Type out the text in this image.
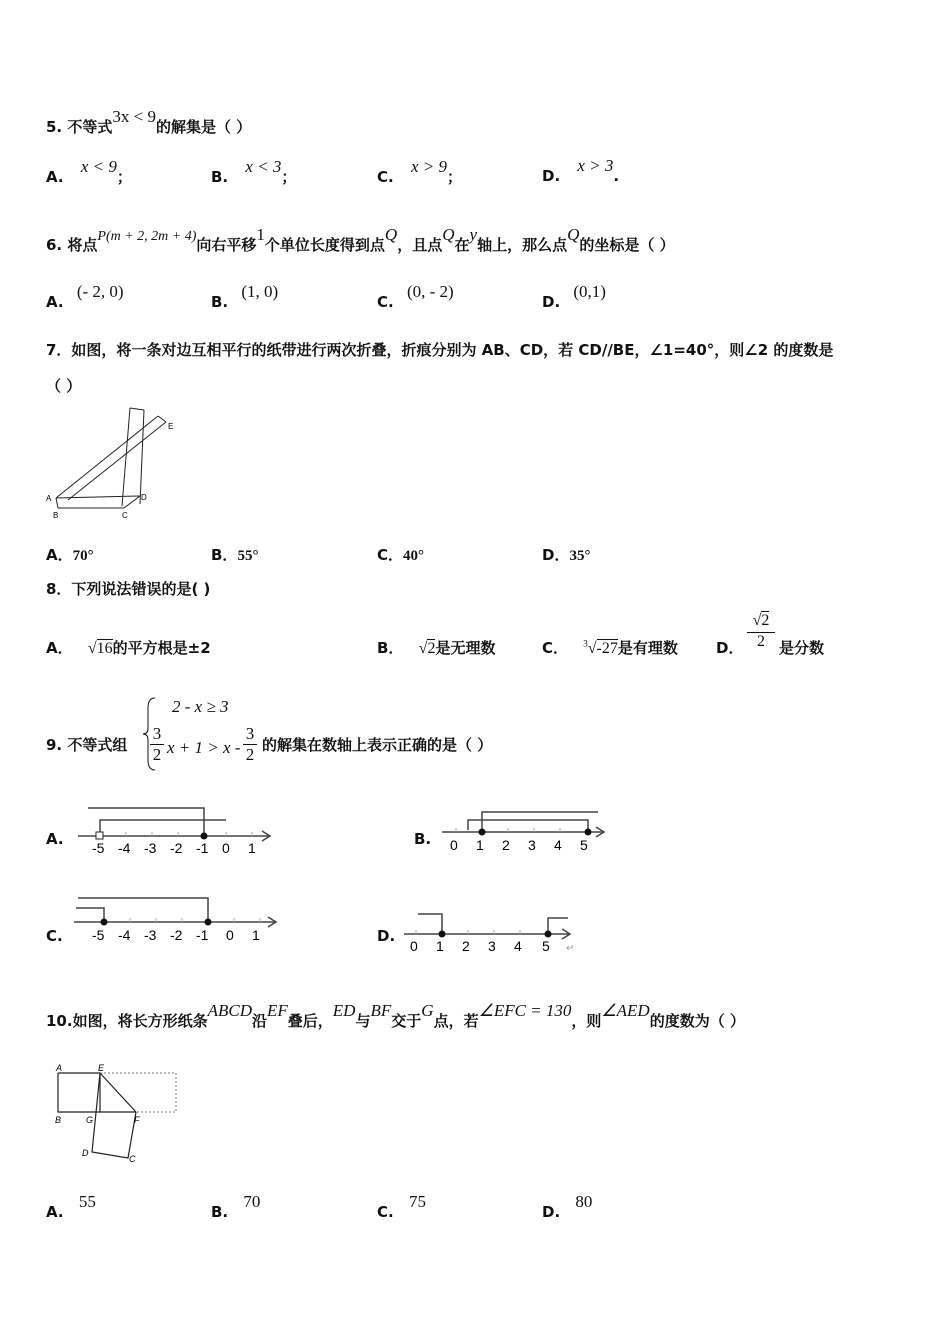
5. 不等式3x < 9的解集是（ ）
A. x < 9；	B. x < 3；	C. x > 9；	D. x > 3.
6. 将点P(m + 2, 2m + 4)向右平移1个单位长度得到点Q，且点Q在y轴上，那么点Q的坐标是（ ）
A. (- 2, 0)
B. (1, 0)
C. (0, - 2)
D. (0,1)
7．如图，将一条对边互相平行的纸带进行两次折叠，折痕分别为 AB、CD，若 CD//BE，∠1=40°，则∠2 的度数是
（ ）
A
B	C
D
E
A．70°	B．55°	C．40°	D．35°
8．下列说法错误的是( )
A． √16的平方根是±2	B． √2是无理数	C． $^3$√-27是有理数	D．
√2
2 是分数
9. 不等式组
2 - x ≥ 3
3
2 x + 1 > x -
3
2 的解集在数轴上表示正确的是（ ）
A. -5 -4 -3 -2 -1 0 1	B. 0 1 2 3 4 5
C. -5 -4 -3 -2 -1 0 1	D.
0 1 2 3 4 5 ↵
10.如图，将长方形纸条ABCD沿EF叠后，ED与BF交于G点，若∠EFC = 130，则∠AED的度数为（ ）
A	E
B	G	F
D
C
A. 55
B. 70
C. 75
D. 80
